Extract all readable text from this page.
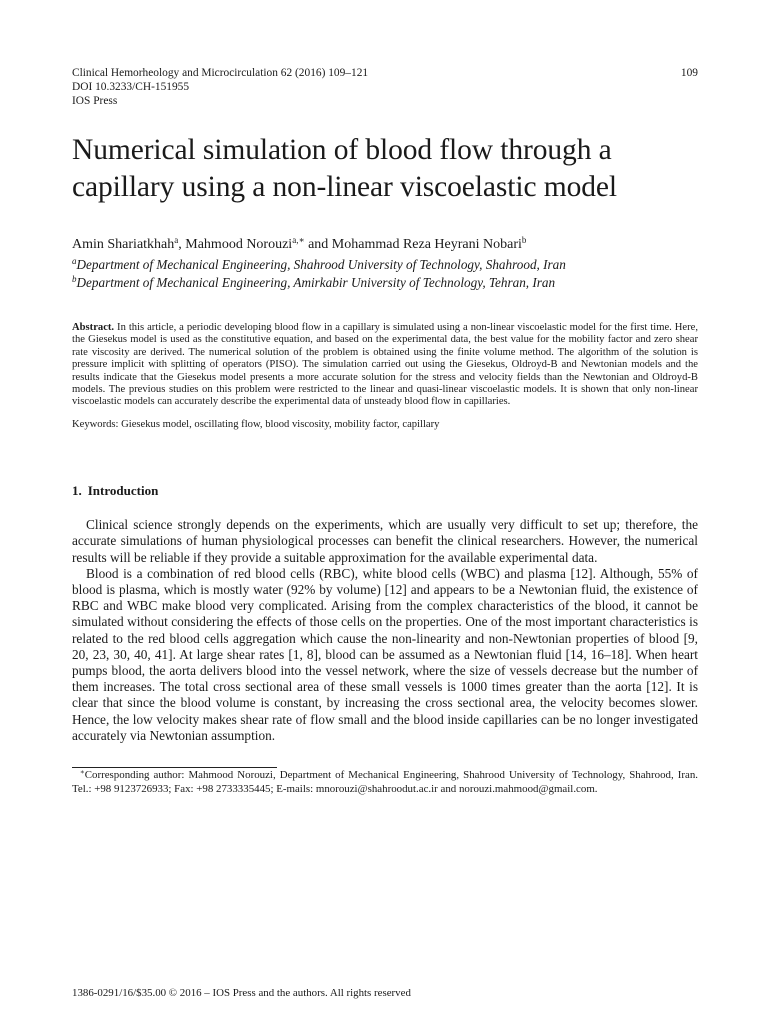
Clinical Hemorheology and Microcirculation 62 (2016) 109–121
DOI 10.3233/CH-151955
IOS Press
109
Numerical simulation of blood flow through a capillary using a non-linear viscoelastic model
Amin Shariatkhah$^a$, Mahmood Norouzi$^{a,∗}$ and Mohammad Reza Heyrani Nobari$^b$
$^a$Department of Mechanical Engineering, Shahrood University of Technology, Shahrood, Iran
$^b$Department of Mechanical Engineering, Amirkabir University of Technology, Tehran, Iran
Abstract. In this article, a periodic developing blood flow in a capillary is simulated using a non-linear viscoelastic model for the first time. Here, the Giesekus model is used as the constitutive equation, and based on the experimental data, the best value for the mobility factor and zero shear rate viscosity are derived. The numerical solution of the problem is obtained using the finite volume method. The algorithm of the solution is pressure implicit with splitting of operators (PISO). The simulation carried out using the Giesekus, Oldroyd-B and Newtonian models and the results indicate that the Giesekus model presents a more accurate solution for the stress and velocity fields than the Newtonian and Oldroyd-B models. The previous studies on this problem were restricted to the linear and quasi-linear viscoelastic models. It is shown that only non-linear viscoelastic models can accurately describe the experimental data of unsteady blood flow in capillaries.
Keywords: Giesekus model, oscillating flow, blood viscosity, mobility factor, capillary
1. Introduction

Clinical science strongly depends on the experiments, which are usually very difficult to set up; therefore, the accurate simulations of human physiological processes can benefit the clinical researchers. However, the numerical results will be reliable if they provide a suitable approximation for the available experimental data.

Blood is a combination of red blood cells (RBC), white blood cells (WBC) and plasma [12]. Although, 55% of blood is plasma, which is mostly water (92% by volume) [12] and appears to be a Newtonian fluid, the existence of RBC and WBC make blood very complicated. Arising from the complex characteristics of the blood, it cannot be simulated without considering the effects of those cells on the properties. One of the most important characteristics is related to the red blood cells aggregation which cause the non-linearity and non-Newtonian properties of blood [9, 20, 23, 30, 40, 41]. At large shear rates [1, 8], blood can be assumed as a Newtonian fluid [14, 16–18]. When heart pumps blood, the aorta delivers blood into the vessel network, where the size of vessels decrease but the number of them increases. The total cross sectional area of these small vessels is 1000 times greater than the aorta [12]. It is clear that since the blood volume is constant, by increasing the cross sectional area, the velocity becomes slower. Hence, the low velocity makes shear rate of flow small and the blood inside capillaries can be no longer investigated accurately via Newtonian assumption.

∗Corresponding author: Mahmood Norouzi, Department of Mechanical Engineering, Shahrood University of Technology, Shahrood, Iran. Tel.: +98 9123726933; Fax: +98 2733335445; E-mails: mnorouzi@shahroodut.ac.ir and norouzi.mahmood@gmail.com.
1386-0291/16/$35.00 © 2016 – IOS Press and the authors. All rights reserved
